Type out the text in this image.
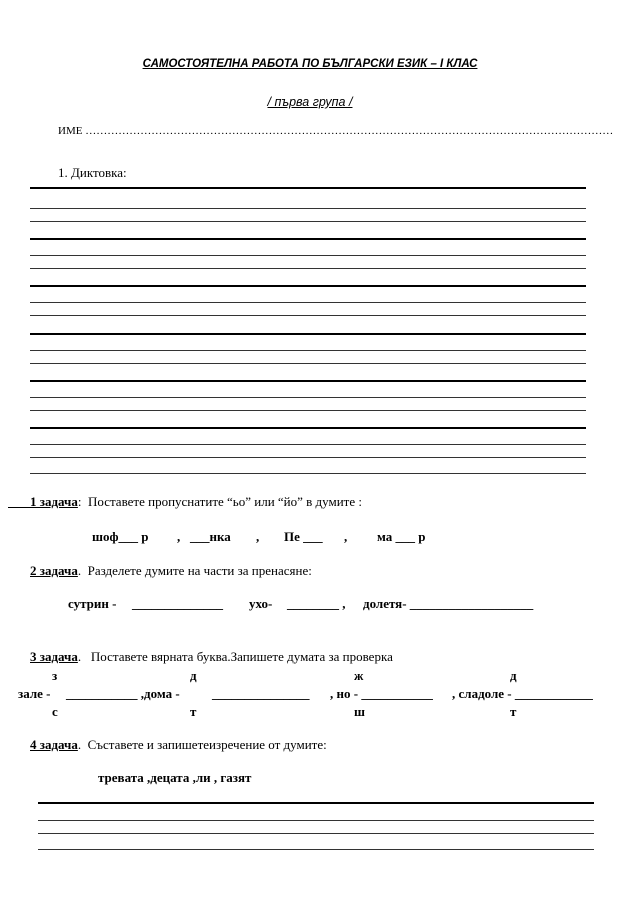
САМОСТОЯТЕЛНА РАБОТА ПО БЪЛГАРСКИ ЕЗИК – I КЛАС
/ първа група /
ИМЕ ………………………………………………………………………………………………………………………………
1. Диктовка:
1 задача:  Поставете пропуснатите “ьо” или “йо” в думите :
шоф___ р , ___нка , Пе ___ , ма ___ р
2 задача.  Разделете думите на части за пренасяне:
сутрин - ______________ ухо- ________ , долетя- ___________________
3 задача.   Поставете вярната буква.Запишете думата за проверка
з	д	ж	д
зале - ___________ ,дома - _______________ , но - ___________ , сладоле - ____________
с	т	ш	т
4 задача.  Съставете и запишетеизречение от думите:
тревата ,децата ,ли , газят
